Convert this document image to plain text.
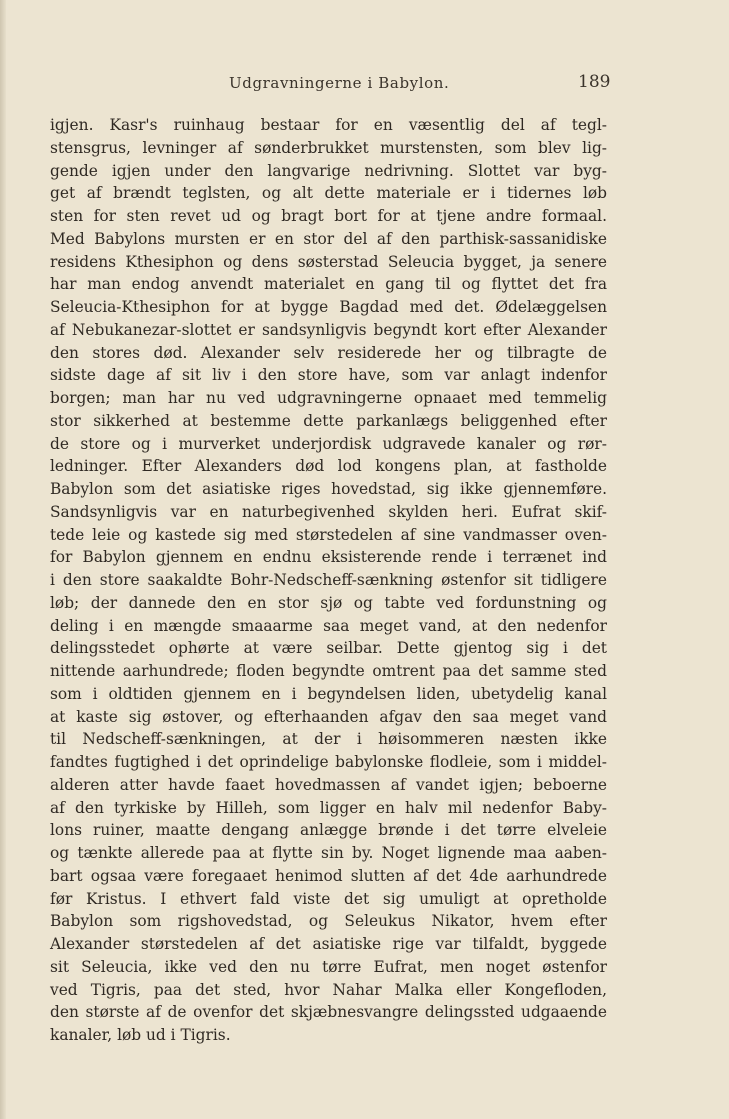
Udgravningerne i Babylon.	189
igjen. Kasr's ruinhaug bestaar for en væsentlig del af tegl-
stensgrus, levninger af sønderbrukket murstensten, som blev lig-
gende igjen under den langvarige nedrivning. Slottet var byg-
get af brændt teglsten, og alt dette materiale er i tidernes løb
sten for sten revet ud og bragt bort for at tjene andre formaal.
Med Babylons mursten er en stor del af den parthisk-sassanidiske
residens Kthesiphon og dens søsterstad Seleucia bygget, ja senere
har man endog anvendt materialet en gang til og flyttet det fra
Seleucia-Kthesiphon for at bygge Bagdad med det. Ødelæggelsen
af Nebukanezar-slottet er sandsynligvis begyndt kort efter Alexander
den stores død. Alexander selv residerede her og tilbragte de
sidste dage af sit liv i den store have, som var anlagt indenfor
borgen; man har nu ved udgravningerne opnaaet med temmelig
stor sikkerhed at bestemme dette parkanlægs beliggenhed efter
de store og i murverket underjordisk udgravede kanaler og rør-
ledninger. Efter Alexanders død lod kongens plan, at fastholde
Babylon som det asiatiske riges hovedstad, sig ikke gjennemføre.
Sandsynligvis var en naturbegivenhed skylden heri. Eufrat skif-
tede leie og kastede sig med størstedelen af sine vandmasser oven-
for Babylon gjennem en endnu eksisterende rende i terrænet ind
i den store saakaldte Bohr-Nedscheff-sænkning østenfor sit tidligere
løb; der dannede den en stor sjø og tabte ved fordunstning og
deling i en mængde smaaarme saa meget vand, at den nedenfor
delingsstedet ophørte at være seilbar. Dette gjentog sig i det
nittende aarhundrede; floden begyndte omtrent paa det samme sted
som i oldtiden gjennem en i begyndelsen liden, ubetydelig kanal
at kaste sig østover, og efterhaanden afgav den saa meget vand
til Nedscheff-sænkningen, at der i høisommeren næsten ikke
fandtes fugtighed i det oprindelige babylonske flodleie, som i middel-
alderen atter havde faaet hovedmassen af vandet igjen; beboerne
af den tyrkiske by Hilleh, som ligger en halv mil nedenfor Baby-
lons ruiner, maatte dengang anlægge brønde i det tørre elveleie
og tænkte allerede paa at flytte sin by. Noget lignende maa aaben-
bart ogsaa være foregaaet henimod slutten af det 4de aarhundrede
før Kristus. I ethvert fald viste det sig umuligt at opretholde
Babylon som rigshovedstad, og Seleukus Nikator, hvem efter
Alexander størstedelen af det asiatiske rige var tilfaldt, byggede
sit Seleucia, ikke ved den nu tørre Eufrat, men noget østenfor
ved Tigris, paa det sted, hvor Nahar Malka eller Kongefloden,
den største af de ovenfor det skjæbnesvangre delingssted udgaaende
kanaler, løb ud i Tigris.
